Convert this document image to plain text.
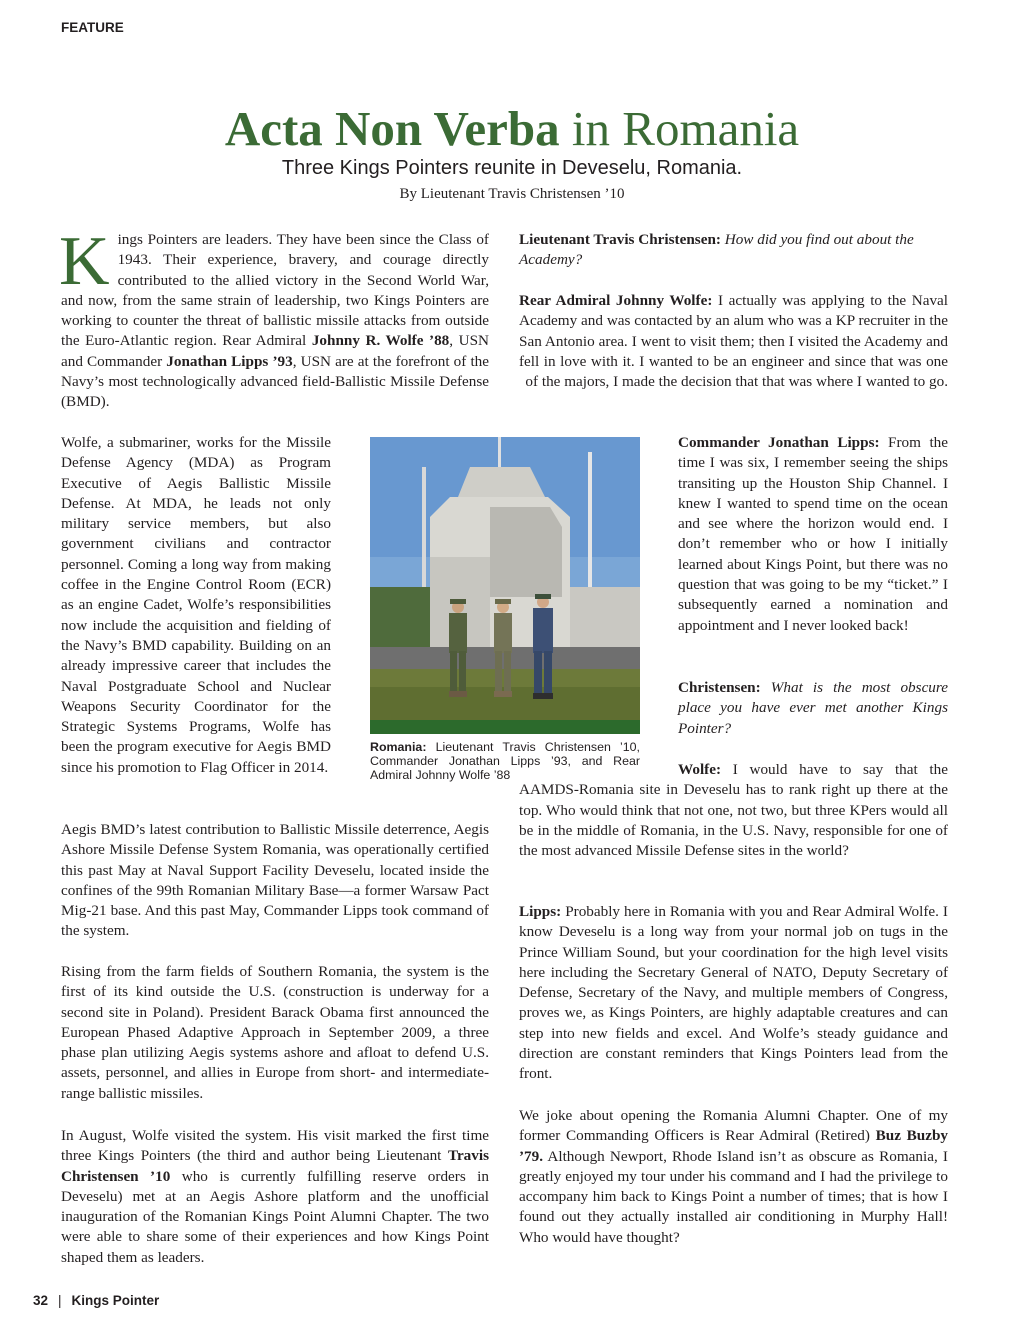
FEATURE
Acta Non Verba in Romania
Three Kings Pointers reunite in Deveselu, Romania.
By Lieutenant Travis Christensen ’10

Kings Pointers are leaders. They have been since the Class of 1943. Their experience, bravery, and courage directly contributed to the allied victory in the Second World War, and now, from the same strain of leadership, two Kings Pointers are working to counter the threat of ballistic missile attacks from outside the Euro-Atlantic region. Rear Admiral Johnny R. Wolfe ’88, USN and Commander Jonathan Lipps ’93, USN are at the forefront of the Navy’s most technologically advanced field-Ballistic Missile Defense (BMD).

Wolfe, a submariner, works for the Missile Defense Agency (MDA) as Program Executive of Aegis Ballistic Missile Defense. At MDA, he leads not only military service members, but also government civilians and contractor personnel. Coming a long way from making coffee in the Engine Control Room (ECR) as an engine Cadet, Wolfe’s responsibilities now include the acquisition and fielding of the Navy’s BMD capability. Building on an already impressive career that includes the Naval Postgraduate School and Nuclear Weapons Security Coordinator for the Strategic Systems Programs, Wolfe has been the program executive for Aegis BMD since his promotion to Flag Officer in 2014.

Romania: Lieutenant Travis Christensen ’10, Commander Jonathan Lipps ’93, and Rear Admiral Johnny Wolfe ’88

Aegis BMD’s latest contribution to Ballistic Missile deterrence, Aegis Ashore Missile Defense System Romania, was operationally certified this past May at Naval Support Facility Deveselu, located inside the confines of the 99th Romanian Military Base—a former Warsaw Pact Mig-21 base. And this past May, Commander Lipps took command of the system.

Rising from the farm fields of Southern Romania, the system is the first of its kind outside the U.S. (construction is underway for a second site in Poland). President Barack Obama first announced the European Phased Adaptive Approach in September 2009, a three phase plan utilizing Aegis systems ashore and afloat to defend U.S. assets, personnel, and allies in Europe from short- and intermediate-range ballistic missiles.

In August, Wolfe visited the system. His visit marked the first time three Kings Pointers (the third and author being Lieutenant Travis Christensen ’10 who is currently fulfilling reserve orders in Deveselu) met at an Aegis Ashore platform and the unofficial inauguration of the Romanian Kings Point Alumni Chapter. The two were able to share some of their experiences and how Kings Point shaped them as leaders.

Lieutenant Travis Christensen: How did you find out about the Academy?

Rear Admiral Johnny Wolfe: I actually was applying to the Naval Academy and was contacted by an alum who was a KP recruiter in the San Antonio area. I went to visit them; then I visited the Academy and fell in love with it. I wanted to be an engineer and since that was one of the majors, I made the decision that that was where I wanted to go.

Commander Jonathan Lipps: From the time I was six, I remember seeing the ships transiting up the Houston Ship Channel. I knew I wanted to spend time on the ocean and see where the horizon would end. I don’t remember who or how I initially learned about Kings Point, but there was no question that was going to be my “ticket.” I subsequently earned a nomination and appointment and I never looked back!

Christensen: What is the most obscure place you have ever met another Kings Pointer?

Wolfe: I would have to say that the AAMDS-Romania site in Deveselu has to rank right up there at the top. Who would think that not one, not two, but three KPers would all be in the middle of Romania, in the U.S. Navy, responsible for one of the most advanced Missile Defense sites in the world?

Lipps: Probably here in Romania with you and Rear Admiral Wolfe. I know Deveselu is a long way from your normal job on tugs in the Prince William Sound, but your coordination for the high level visits here including the Secretary General of NATO, Deputy Secretary of Defense, Secretary of the Navy, and multiple members of Congress, proves we, as Kings Pointers, are highly adaptable creatures and can step into new fields and excel. And Wolfe’s steady guidance and direction are constant reminders that Kings Pointers lead from the front.

We joke about opening the Romania Alumni Chapter. One of my former Commanding Officers is Rear Admiral (Retired) Buz Buzby ’79. Although Newport, Rhode Island isn’t as obscure as Romania, I greatly enjoyed my tour under his command and I had the privilege to accompany him back to Kings Point a number of times; that is how I found out they actually installed air conditioning in Murphy Hall! Who would have thought?

32 | Kings Pointer
